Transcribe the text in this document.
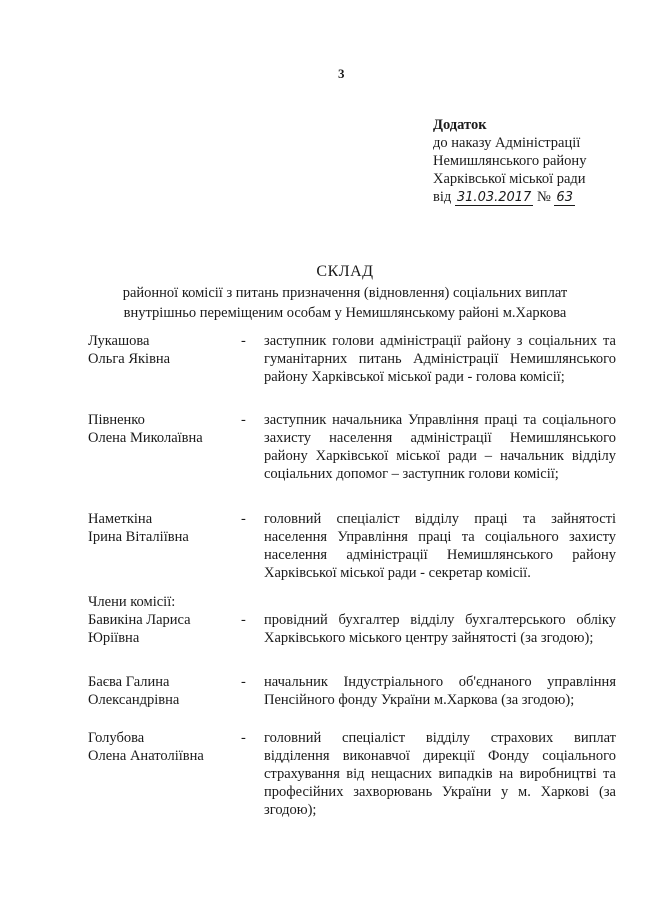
3
Додаток
до наказу Адміністрації
Немишлянського району
Харківської міської ради
від 31.03.2017 № 63
СКЛАД
районної комісії з питань призначення (відновлення) соціальних виплат
внутрішньо переміщеним особам у Немишлянському районі м.Харкова
Лукашова
Ольга Яківна
- заступник голови адміністрації району з соціальних та гуманітарних питань Адміністрації Немишлянського району Харківської міської ради - голова комісії;
Півненко
Олена Миколаївна
- заступник начальника Управління праці та соціального захисту населення адміністрації Немишлянського району Харківської міської ради – начальник відділу соціальних допомог – заступник голови комісії;
Наметкіна
Ірина Віталіївна
- головний спеціаліст відділу праці та зайнятості населення Управління праці та соціального захисту населення адміністрації Немишлянського району Харківської міської ради - секретар комісії.
Члени комісії:
Бавикіна Лариса
Юріївна
- провідний бухгалтер відділу бухгалтерського обліку Харківського міського центру зайнятості (за згодою);
Баєва Галина
Олександрівна
- начальник Індустріального об'єднаного управління Пенсійного фонду України м.Харкова (за згодою);
Голубова
Олена Анатоліївна
- головний спеціаліст відділу страхових виплат відділення виконавчої дирекції Фонду соціального страхування від нещасних випадків на виробництві та професійних захворювань України у м. Харкові (за згодою);
